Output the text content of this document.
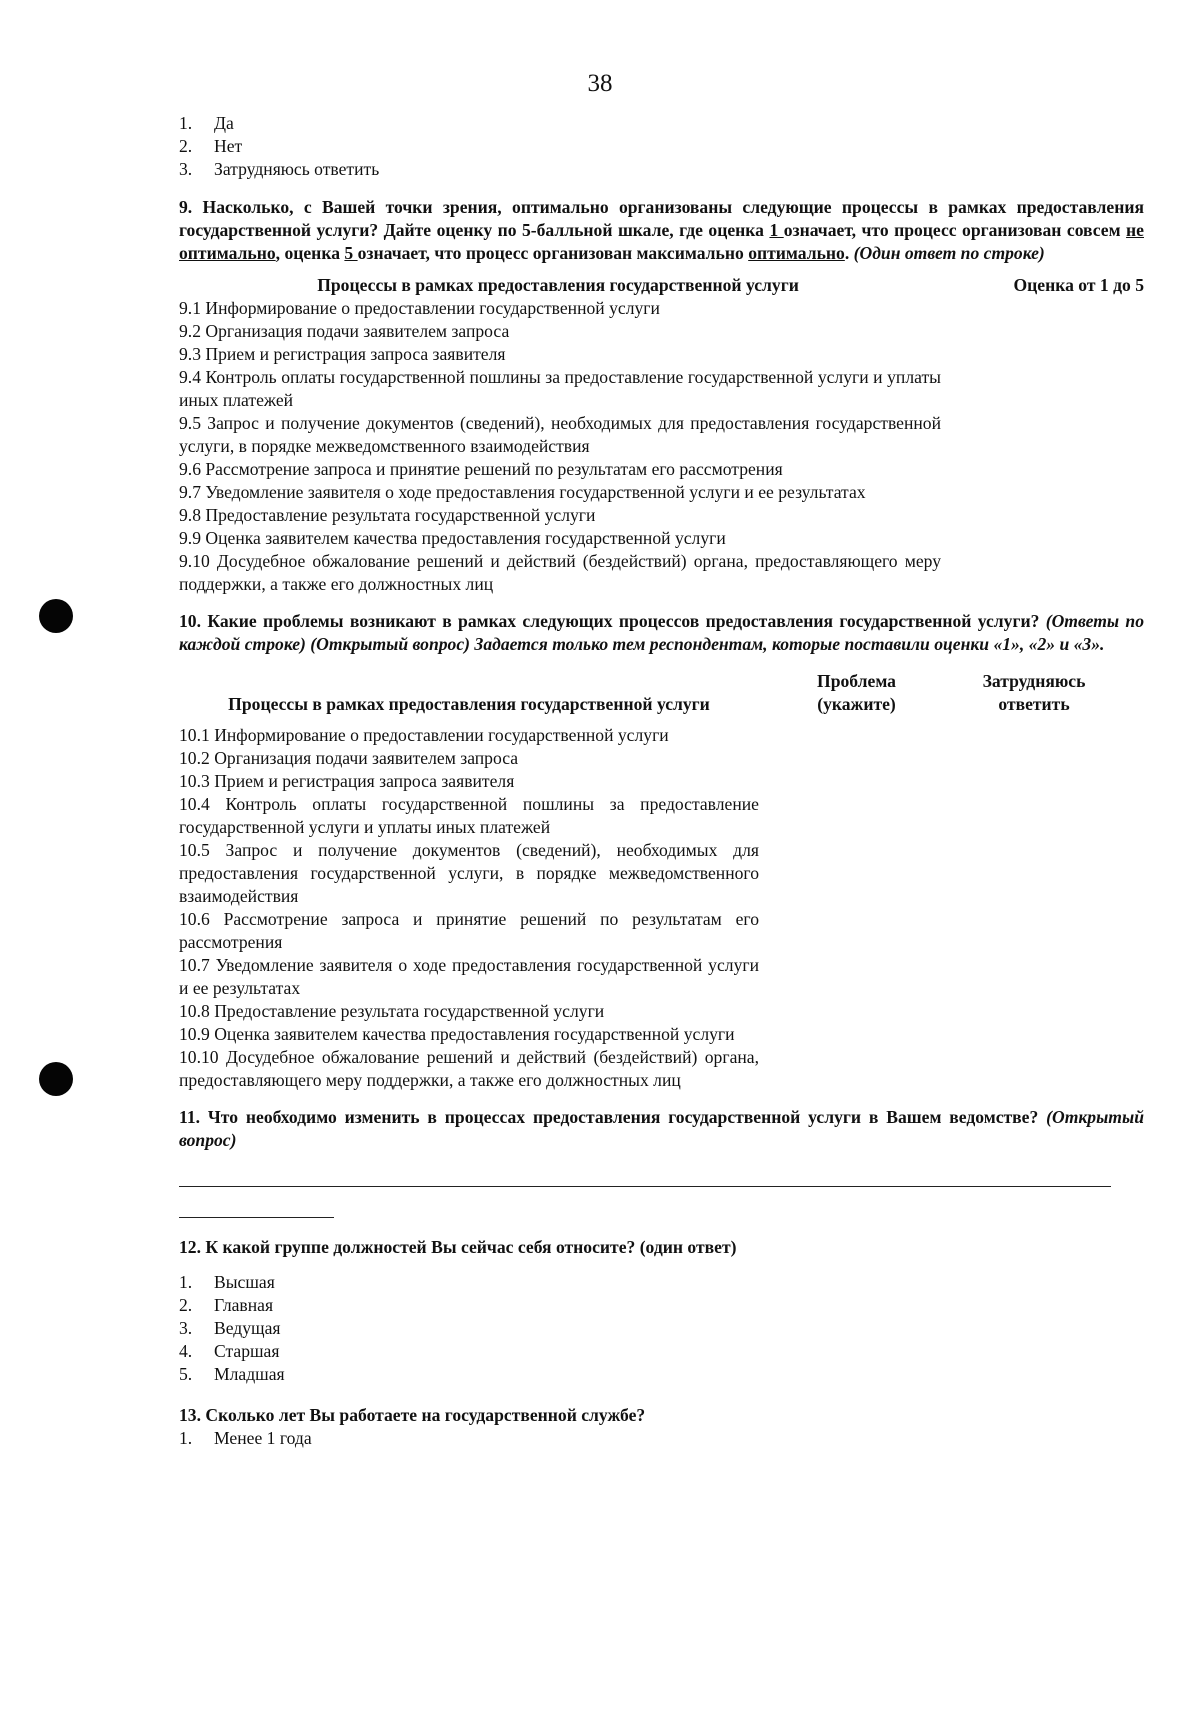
38
1.	Да
2.	Нет
3.	Затрудняюсь ответить

9. Насколько, с Вашей точки зрения, оптимально организованы следующие процессы в рамках предоставления государственной услуги? Дайте оценку по 5-балльной шкале, где оценка 1 означает, что процесс организован совсем не оптимально, оценка 5 означает, что процесс организован максимально оптимально. (Один ответ по строке)

Процессы в рамках предоставления государственной услуги	Оценка от 1 до 5
9.1 Информирование о предоставлении государственной услуги
9.2 Организация подачи заявителем запроса
9.3 Прием и регистрация запроса заявителя
9.4 Контроль оплаты государственной пошлины за предоставление государственной услуги и уплаты иных платежей
9.5 Запрос и получение документов (сведений), необходимых для предоставления государственной услуги, в порядке межведомственного взаимодействия
9.6 Рассмотрение запроса и принятие решений по результатам его рассмотрения
9.7 Уведомление заявителя о ходе предоставления государственной услуги и ее результатах
9.8 Предоставление результата государственной услуги
9.9 Оценка заявителем качества предоставления государственной услуги
9.10 Досудебное обжалование решений и действий (бездействий) органа, предоставляющего меру поддержки, а также его должностных лиц

10. Какие проблемы возникают в рамках следующих процессов предоставления государственной услуги? (Ответы по каждой строке) (Открытый вопрос) Задается только тем респондентам, которые поставили оценки «1», «2» и «3».

Процессы в рамках предоставления государственной услуги
Проблема (укажите)
Затрудняюсь ответить
10.1 Информирование о предоставлении государственной услуги
10.2 Организация подачи заявителем запроса
10.3 Прием и регистрация запроса заявителя
10.4 Контроль оплаты государственной пошлины за предоставление государственной услуги и уплаты иных платежей
10.5 Запрос и получение документов (сведений), необходимых для предоставления государственной услуги, в порядке межведомственного взаимодействия
10.6 Рассмотрение запроса и принятие решений по результатам его рассмотрения
10.7 Уведомление заявителя о ходе предоставления государственной услуги и ее результатах
10.8 Предоставление результата государственной услуги
10.9 Оценка заявителем качества предоставления государственной услуги
10.10 Досудебное обжалование решений и действий (бездействий) органа, предоставляющего меру поддержки, а также его должностных лиц

11. Что необходимо изменить в процессах предоставления государственной услуги в Вашем ведомстве? (Открытый вопрос)

12. К какой группе должностей Вы сейчас себя относите? (один ответ)

1.	Высшая
2.	Главная
3.	Ведущая
4.	Старшая
5.	Младшая

13. Сколько лет Вы работаете на государственной службе?

1.	Менее 1 года
